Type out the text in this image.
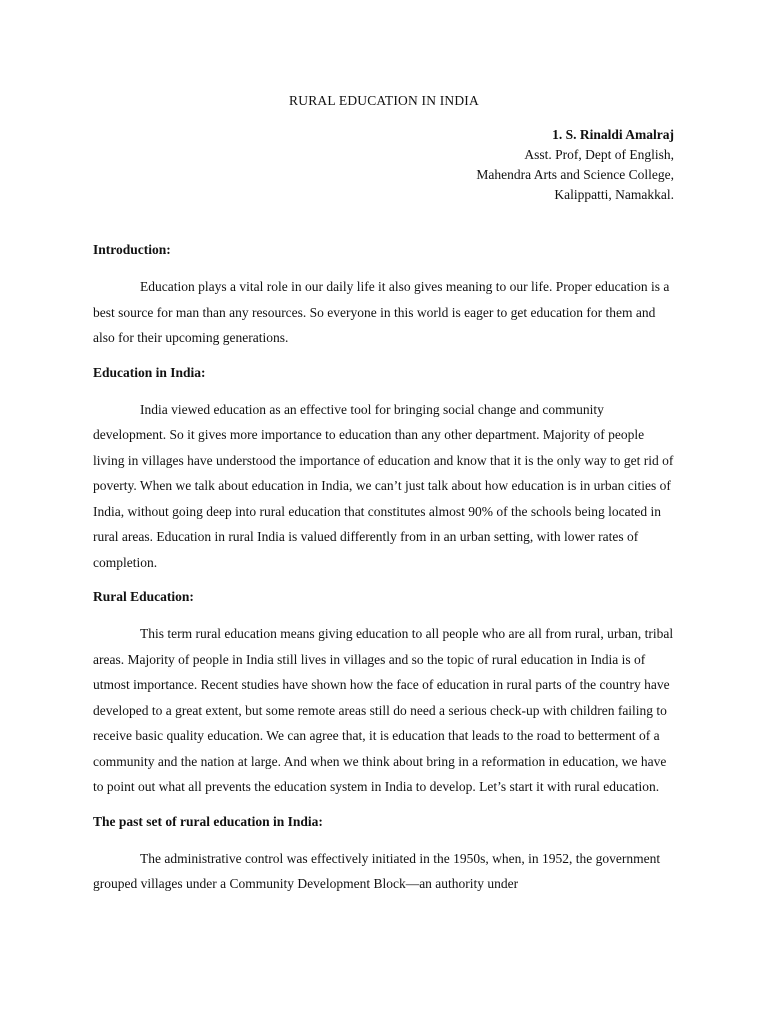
RURAL EDUCATION IN INDIA
1. S. Rinaldi Amalraj
Asst. Prof, Dept of English,
Mahendra Arts and Science College,
Kalippatti, Namakkal.

Introduction:

Education plays a vital role in our daily life it also gives meaning to our life. Proper education is a best source for man than any resources. So everyone in this world is eager to get education for them and also for their upcoming generations.

Education in India:

India viewed education as an effective tool for bringing social change and community development. So it gives more importance to education than any other department. Majority of people living in villages have understood the importance of education and know that it is the only way to get rid of poverty. When we talk about education in India, we can’t just talk about how education is in urban cities of India, without going deep into rural education that constitutes almost 90% of the schools being located in rural areas. Education in rural India is valued differently from in an urban setting, with lower rates of completion.

Rural Education:

This term rural education means giving education to all people who are all from rural, urban, tribal areas. Majority of people in India still lives in villages and so the topic of rural education in India is of utmost importance. Recent studies have shown how the face of education in rural parts of the country have developed to a great extent, but some remote areas still do need a serious check-up with children failing to receive basic quality education. We can agree that, it is education that leads to the road to betterment of a community and the nation at large. And when we think about bring in a reformation in education, we have to point out what all prevents the education system in India to develop. Let’s start it with rural education.

The past set of rural education in India:

The administrative control was effectively initiated in the 1950s, when, in 1952, the government grouped villages under a Community Development Block—an authority under
